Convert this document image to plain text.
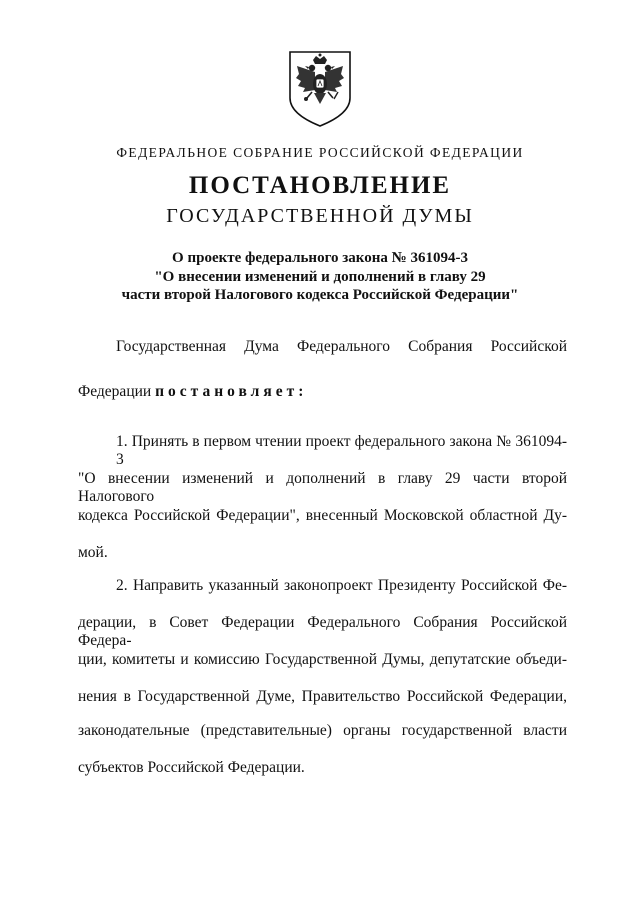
ФЕДЕРАЛЬНОЕ СОБРАНИЕ РОССИЙСКОЙ ФЕДЕРАЦИИ
ПОСТАНОВЛЕНИЕ
ГОСУДАРСТВЕННОЙ ДУМЫ
О проекте федерального закона № 361094-3
"О внесении изменений и дополнений в главу 29
части второй Налогового кодекса Российской Федерации"
Государственная Дума Федерального Собрания Российской
Федерации постановляет:
1. Принять в первом чтении проект федерального закона № 361094-3
"О внесении изменений и дополнений в главу 29 части второй Налогового
кодекса Российской Федерации", внесенный Московской областной Ду-
мой.
2. Направить указанный законопроект Президенту Российской Фе-
дерации, в Совет Федерации Федерального Собрания Российской Федера-
ции, комитеты и комиссию Государственной Думы, депутатские объеди-
нения в Государственной Думе, Правительство Российской Федерации,
законодательные (представительные) органы государственной власти
субъектов Российской Федерации.
